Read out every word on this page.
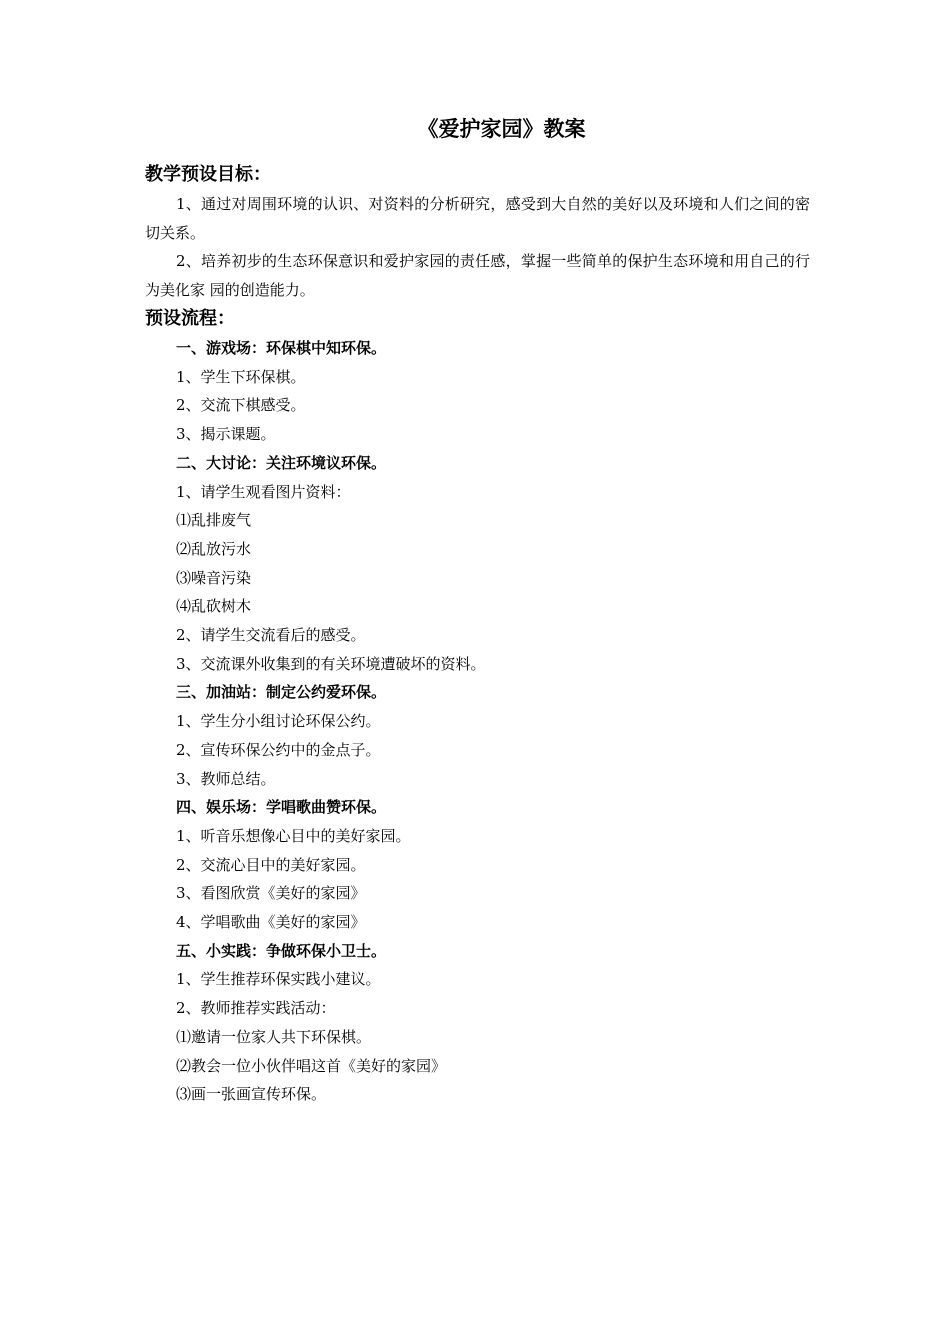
《爱护家园》教案

教学预设目标：

1、通过对周围环境的认识、对资料的分析研究，感受到大自然的美好以及环境和人们之间的密切关系。

2、培养初步的生态环保意识和爱护家园的责任感，掌握一些简单的保护生态环境和用自己的行为美化家 园的创造能力。

预设流程：

一、游戏场：环保棋中知环保。

1、学生下环保棋。

2、交流下棋感受。

3、揭示课题。

二、大讨论：关注环境议环保。

1、请学生观看图片资料：

⑴乱排废气

⑵乱放污水

⑶噪音污染

⑷乱砍树木

2、请学生交流看后的感受。

3、交流课外收集到的有关环境遭破坏的资料。

三、加油站：制定公约爱环保。

1、学生分小组讨论环保公约。

2、宣传环保公约中的金点子。

3、教师总结。

四、娱乐场：学唱歌曲赞环保。

1、听音乐想像心目中的美好家园。

2、交流心目中的美好家园。

3、看图欣赏《美好的家园》

4、学唱歌曲《美好的家园》

五、小实践：争做环保小卫士。

1、学生推荐环保实践小建议。

2、教师推荐实践活动：

⑴邀请一位家人共下环保棋。

⑵教会一位小伙伴唱这首《美好的家园》

⑶画一张画宣传环保。
